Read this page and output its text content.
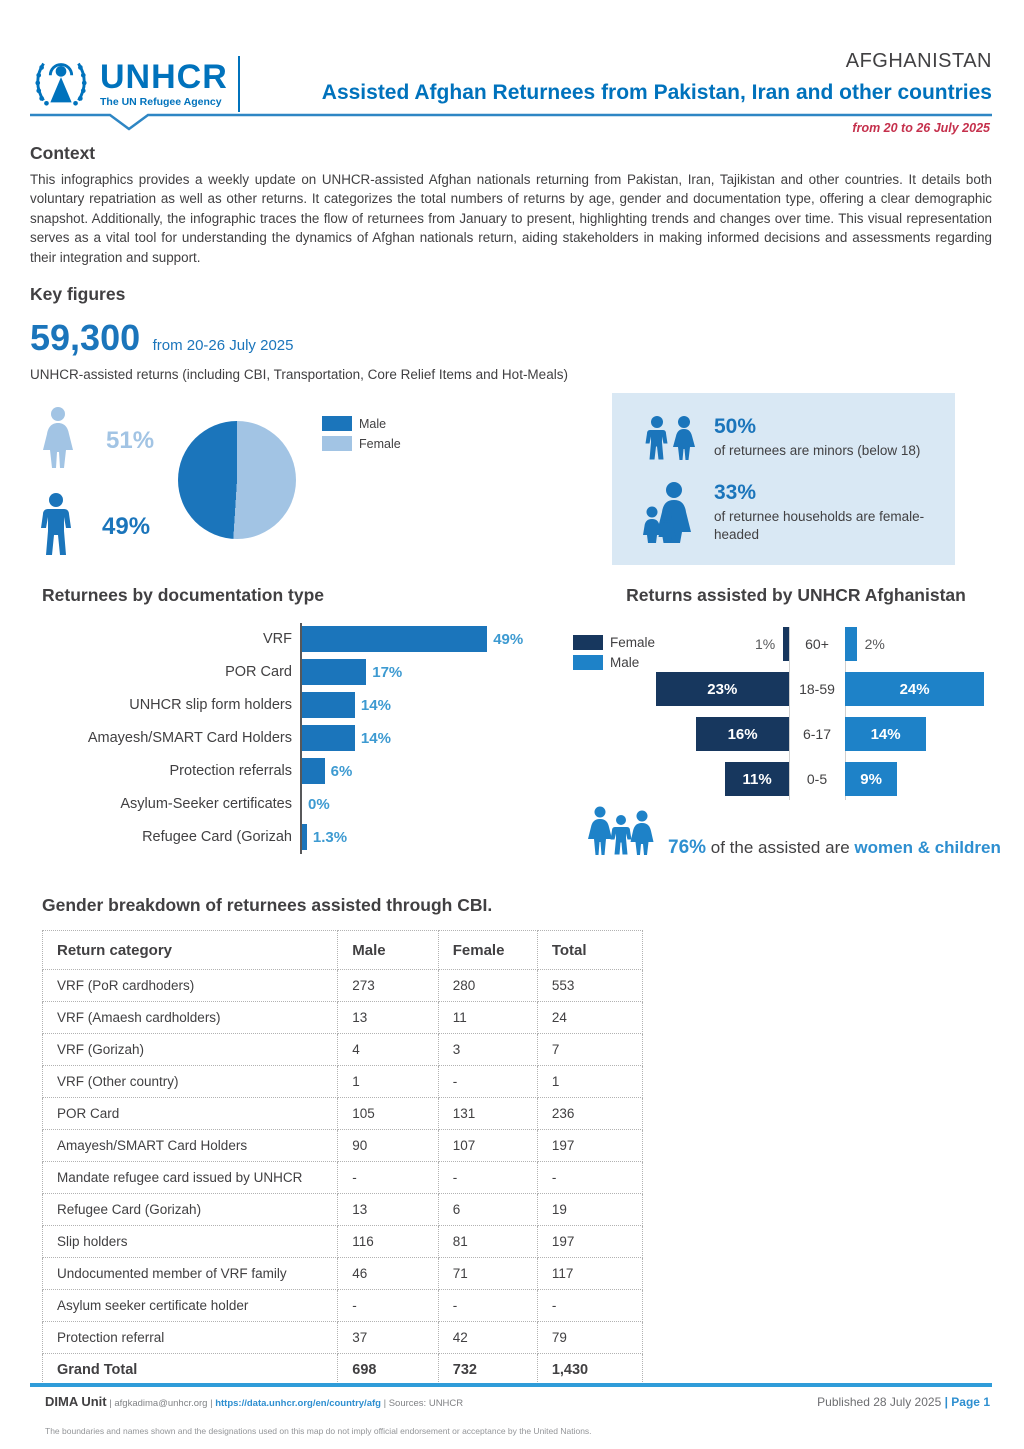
UNHCR
The UN Refugee Agency
AFGHANISTAN
Assisted Afghan Returnees from Pakistan, Iran and other countries
from 20 to 26 July 2025
Context

This infographics provides a weekly update on UNHCR-assisted Afghan nationals returning from Pakistan, Iran, Tajikistan and other countries. It details both voluntary repatriation as well as other returns. It categorizes the total numbers of returns by age, gender and documentation type, offering a clear demographic snapshot. Additionally, the infographic traces the flow of returnees from January to present, highlighting trends and changes over time. This visual representation serves as a vital tool for understanding the dynamics of Afghan nationals return, aiding stakeholders in making informed decisions and assessments regarding their integration and support.

Key figures
59,300 from 20-26 July 2025
UNHCR-assisted returns (including CBI, Transportation, Core Relief Items and Hot-Meals)
51%
49%
Male
Female
50%
of returnees are minors (below 18)
33%
of returnee households are female-headed
Returnees by documentation type
VRF	49%
POR Card	17%
UNHCR slip form holders	14%
Amayesh/SMART Card Holders	14%
Protection referrals	6%
Asylum-Seeker certificates	0%
Refugee Card (Gorizah	1.3%
Returns assisted by UNHCR Afghanistan
Female
Male
1%	60+	2%
23%	18-59	24%
16%	6-17	14%
11%	0-5	9%
76% of the assisted are women & children
Gender breakdown of returnees assisted through CBI.
Return category	Male	Female	Total
VRF (PoR cardhoders)	273	280	553
VRF (Amaesh cardholders)	13	11	24
VRF (Gorizah)	4	3	7
VRF (Other country)	1	-	1
POR Card	105	131	236
Amayesh/SMART Card Holders	90	107	197
Mandate refugee card issued by UNHCR	-	-	-
Refugee Card (Gorizah)	13	6	19
Slip holders	116	81	197
Undocumented member of VRF family	46	71	117
Asylum seeker certificate holder	-	-	-
Protection referral	37	42	79
Grand Total	698	732	1,430
DIMA Unit | afgkadima@unhcr.org | https://data.unhcr.org/en/country/afg | Sources: UNHCR	Published 28 July 2025 | Page 1
The boundaries and names shown and the designations used on this map do not imply official endorsement or acceptance by the United Nations.
